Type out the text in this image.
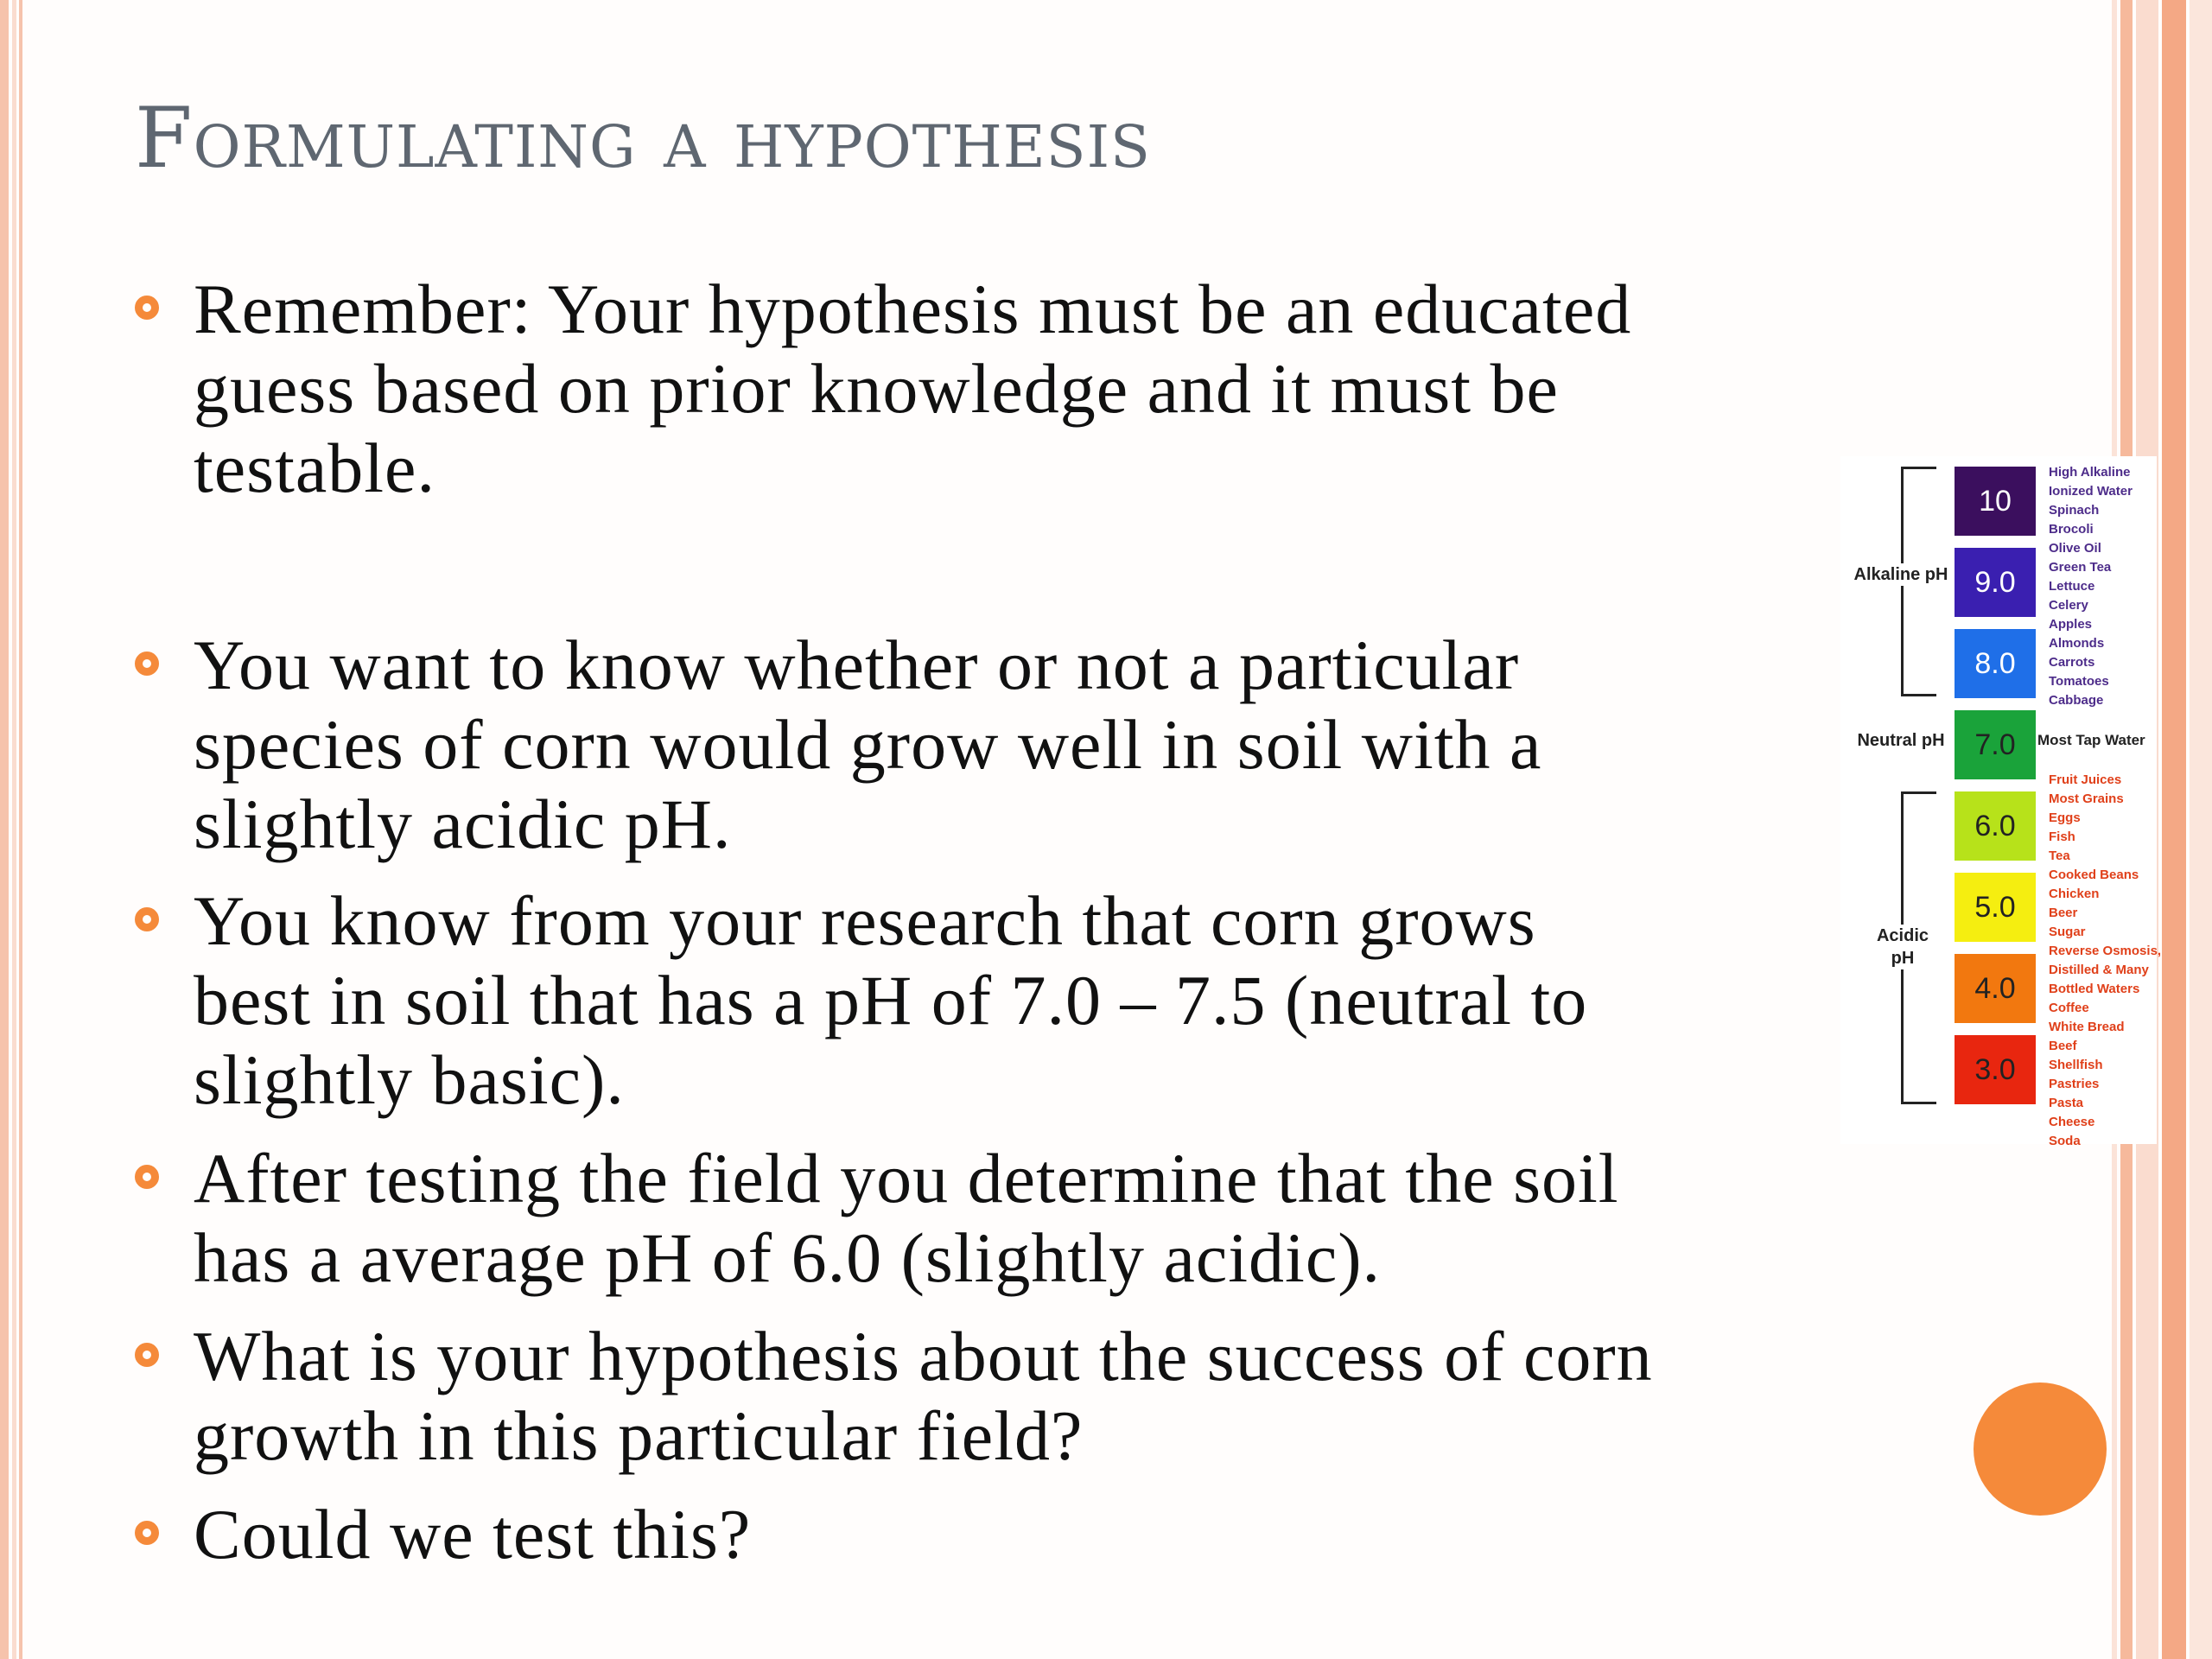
Formulating a hypothesis
Remember: Your hypothesis must be an educated
guess based on prior knowledge and it must be
testable.
You want to know whether or not a particular
species of corn would grow well in soil with a
slightly acidic pH.
You know from your research that corn grows
best in soil that has a pH of 7.0 – 7.5 (neutral to
slightly basic).
After testing the field you determine that the soil
has a average pH of 6.0 (slightly acidic).
What is your hypothesis about the success of corn
growth in this particular field?
Could we test this?
Alkaline pH
Neutral pH
Acidic pH
10
9.0
8.0
7.0
6.0
5.0
4.0
3.0
High Alkaline
Ionized Water
Spinach
Brocoli
Olive Oil
Green Tea
Lettuce
Celery
Apples
Almonds
Carrots
Tomatoes
Cabbage
Most Tap Water
Fruit Juices
Most Grains
Eggs
Fish
Tea
Cooked Beans
Chicken
Beer
Sugar
Reverse Osmosis,
Distilled & Many
Bottled Waters
Coffee
White Bread
Beef
Shellfish
Pastries
Pasta
Cheese
Soda
